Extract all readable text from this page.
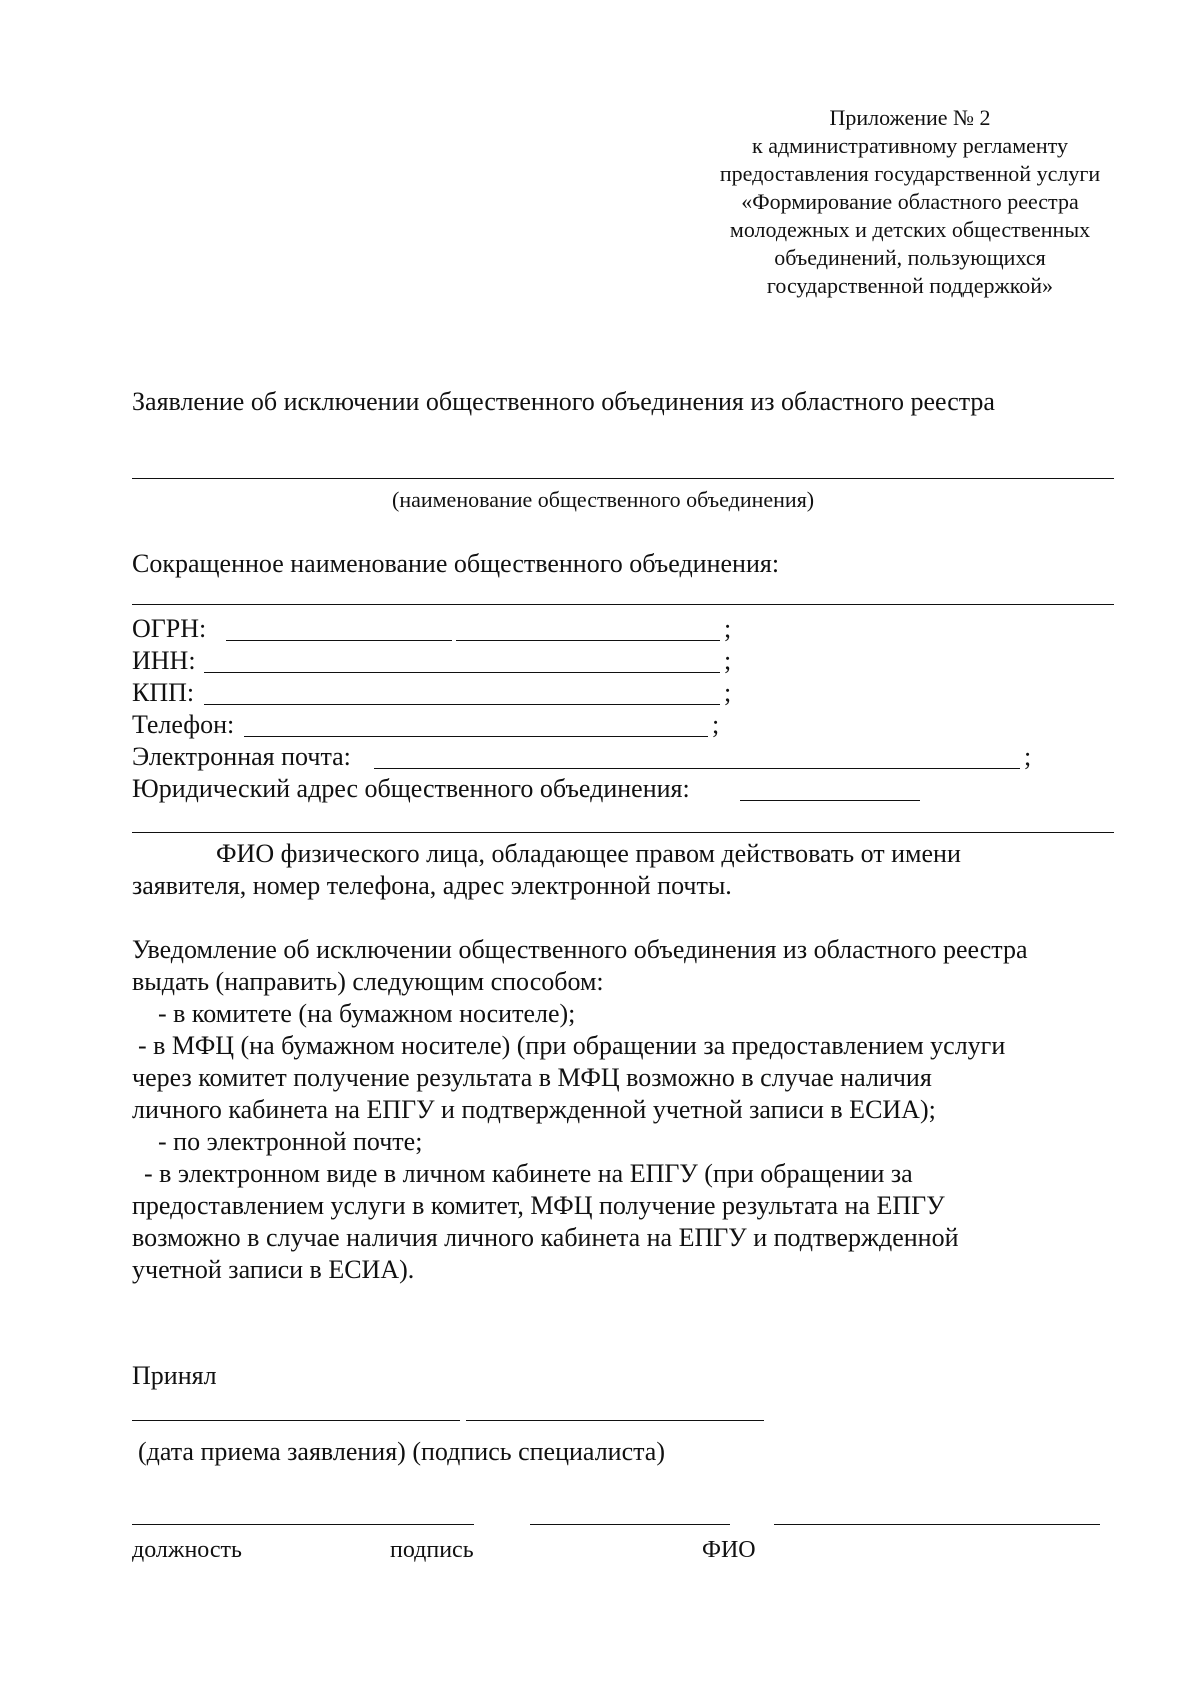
Приложение № 2
к административному регламенту
предоставления государственной услуги
«Формирование областного реестра
молодежных и детских общественных
объединений, пользующихся
государственной поддержкой»
Заявление об исключении общественного объединения из областного реестра
(наименование общественного объединения)
Сокращенное наименование общественного объединения:
ОГРН:	;
ИНН:	;
КПП:	;
Телефон:	;
Электронная почта:	;
Юридический адрес общественного объединения:
ФИО физического лица, обладающее правом действовать от имени
заявителя, номер телефона, адрес электронной почты.
Уведомление об исключении общественного объединения из областного реестра
выдать (направить) следующим способом:
- в комитете (на бумажном носителе);
- в МФЦ (на бумажном носителе) (при обращении за предоставлением услуги
через комитет получение результата в МФЦ возможно в случае наличия
личного кабинета на ЕПГУ и подтвержденной учетной записи в ЕСИА);
- по электронной почте;
- в электронном виде в личном кабинете на ЕПГУ (при обращении за
предоставлением услуги в комитет, МФЦ получение результата на ЕПГУ
возможно в случае наличия личного кабинета на ЕПГУ и подтвержденной
учетной записи в ЕСИА).
Принял
(дата приема заявления) (подпись специалиста)
должность	подпись	ФИО
